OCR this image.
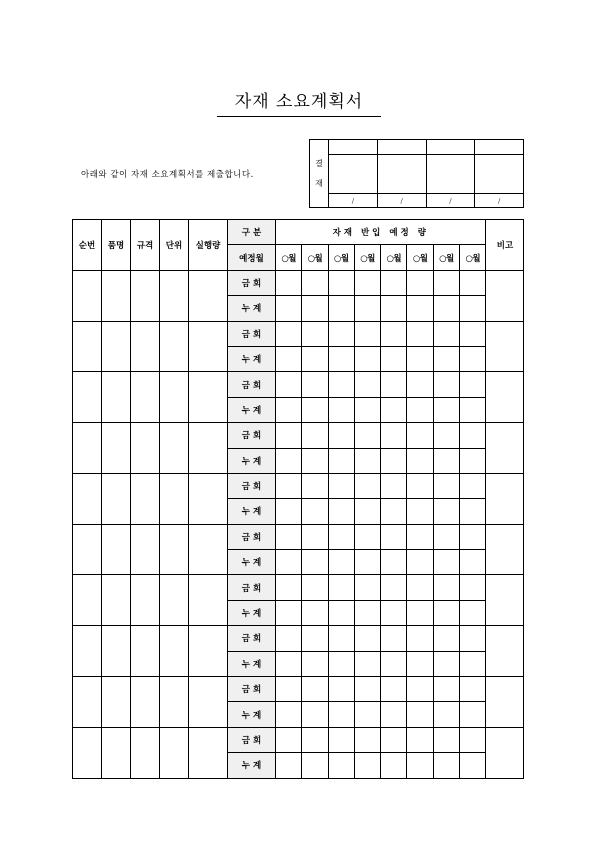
자재 소요계획서
아래와 같이 자재 소요계획서를 제출합니다.
결
재				

	/	/	/	/
순번	품명	규격	단위	실행량	구 분	자재 반입 예정 량								비고
					예정월	○월	○월	○월	○월	○월	○월	○월	○월	
					금 회									
					누 계									
					금 회									
					누 계									
					금 회									
					누 계									
					금 회									
					누 계									
					금 회									
					누 계									
					금 회									
					누 계									
					금 회									
					누 계									
					금 회									
					누 계									
					금 회									
					누 계									
					금 회									
					누 계									
